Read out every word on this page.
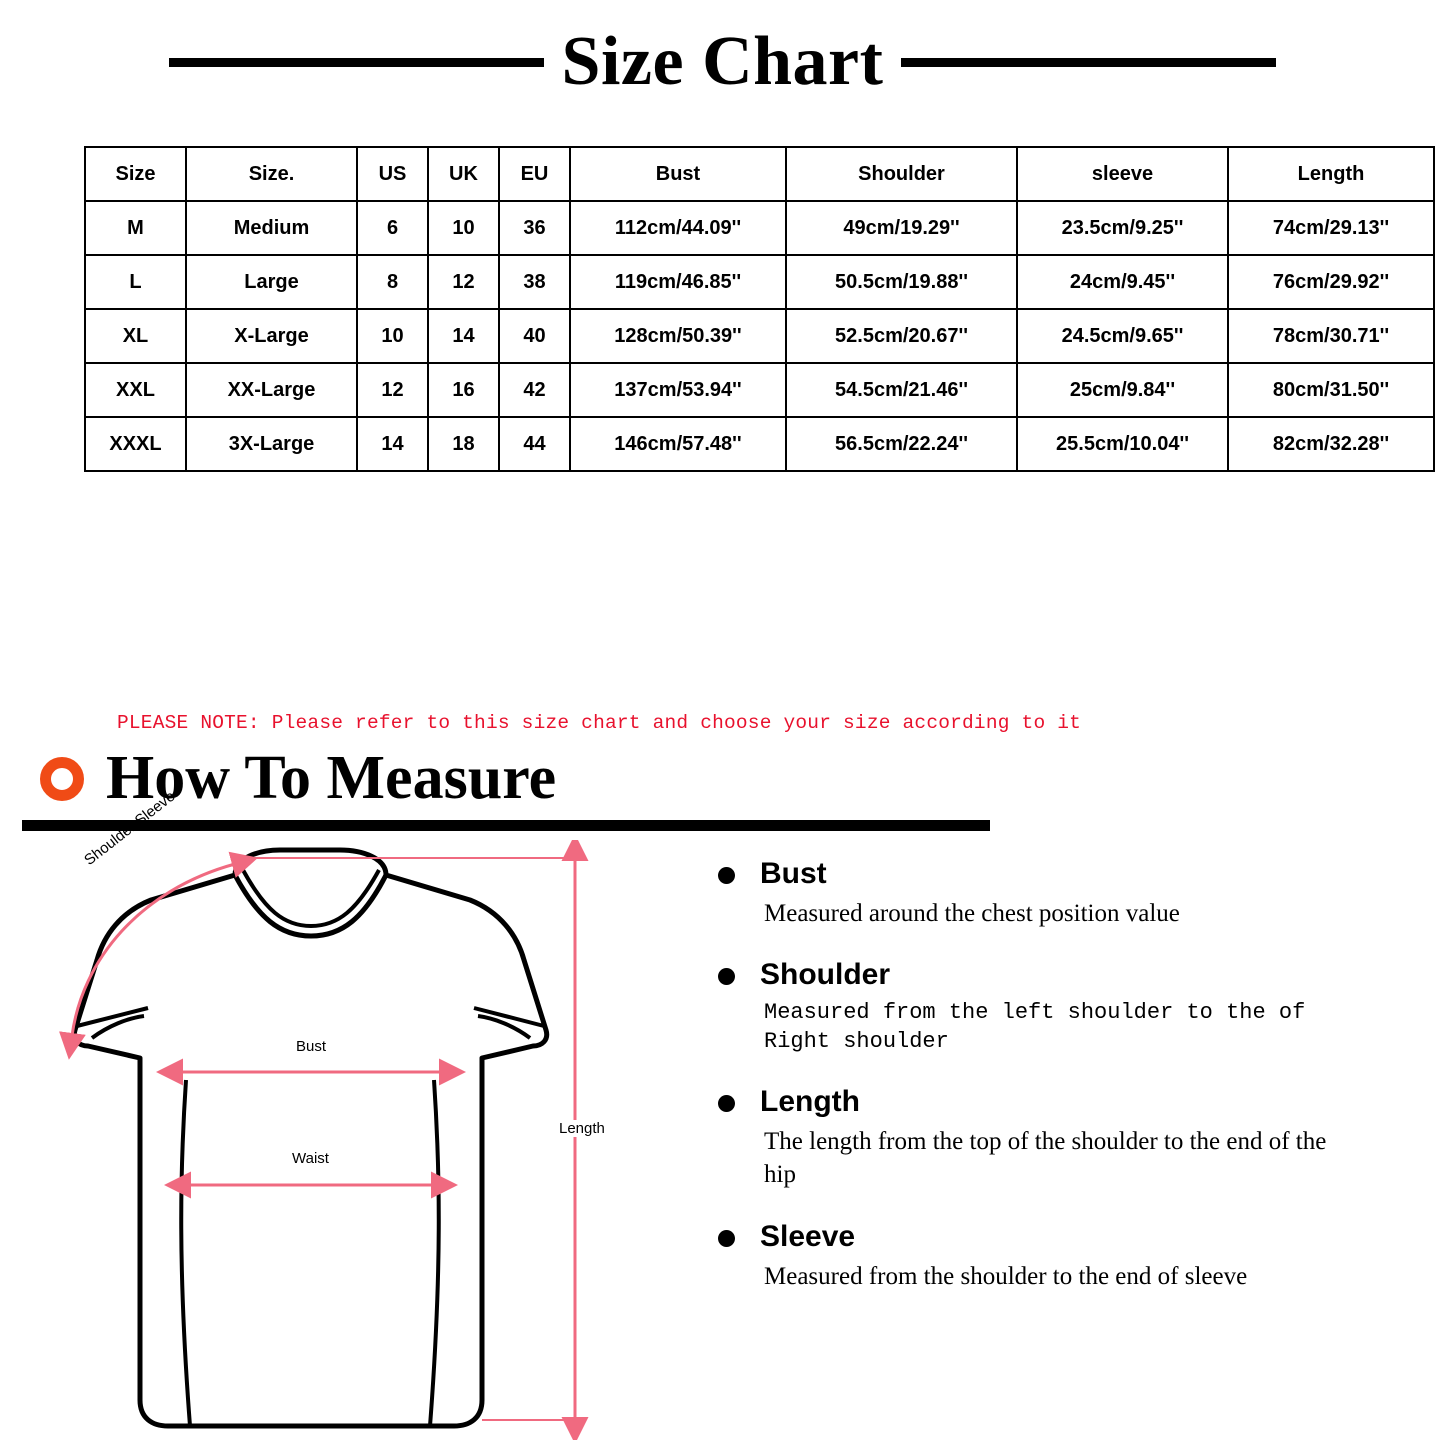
Size Chart
Size	Size.	US	UK	EU	Bust	Shoulder	sleeve	Length
M	Medium	6	10	36	112cm/44.09''	49cm/19.29''	23.5cm/9.25''	74cm/29.13''
L	Large	8	12	38	119cm/46.85''	50.5cm/19.88''	24cm/9.45''	76cm/29.92''
XL	X-Large	10	14	40	128cm/50.39''	52.5cm/20.67''	24.5cm/9.65''	78cm/30.71''
XXL	XX-Large	12	16	42	137cm/53.94''	54.5cm/21.46''	25cm/9.84''	80cm/31.50''
XXXL	3X-Large	14	18	44	146cm/57.48''	56.5cm/22.24''	25.5cm/10.04''	82cm/32.28''
PLEASE NOTE: Please refer to this size chart and choose your size according to it
How To Measure
Bust
Waist
Length
Shoulder Sleeve

Bust

Measured around the chest position value

Shoulder

Measured from the left shoulder to the of Right shoulder

Length

The length from the top of the shoulder to the end of the hip

Sleeve

Measured from the shoulder to the end of sleeve
